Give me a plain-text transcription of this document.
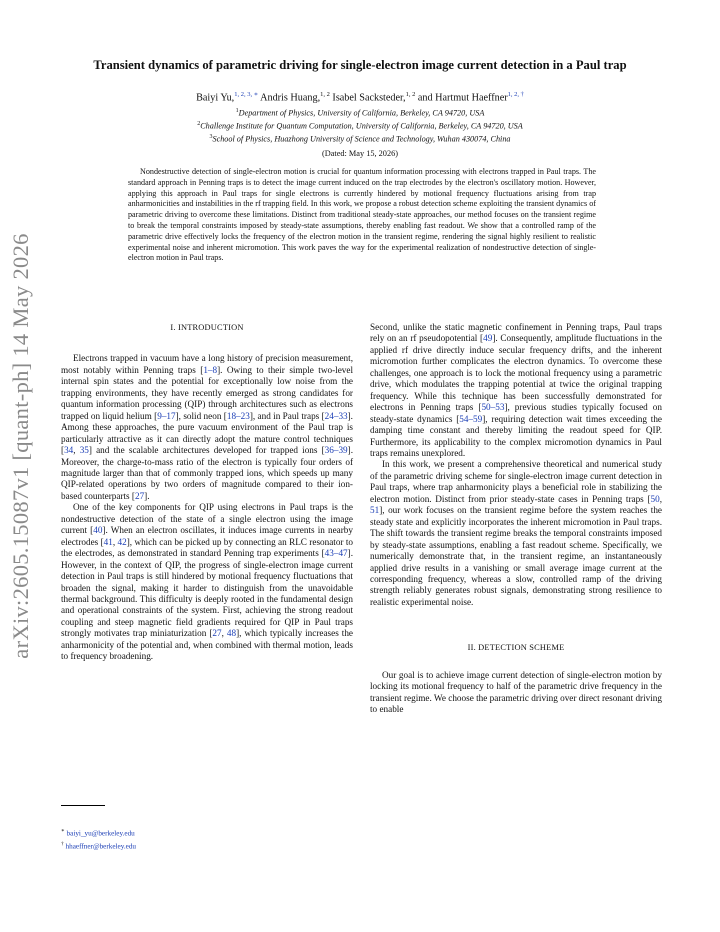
arXiv:2605.15087v1 [quant-ph] 14 May 2026
Transient dynamics of parametric driving for single-electron image current detection in a Paul trap
Baiyi Yu,$^{1, 2, 3, ∗}$ Andris Huang,$^{1, 2}$ Isabel Sacksteder,$^{1, 2}$ and Hartmut Haeffner$^{1, 2, \dagger}$
$^1$Department of Physics, University of California, Berkeley, CA 94720, USA
$^2$Challenge Institute for Quantum Computation, University of California, Berkeley, CA 94720, USA
$^3$School of Physics, Huazhong University of Science and Technology, Wuhan 430074, China
(Dated: May 15, 2026)
Nondestructive detection of single-electron motion is crucial for quantum information processing with electrons trapped in Paul traps. The standard approach in Penning traps is to detect the image current induced on the trap electrodes by the electron's oscillatory motion. However, applying this approach in Paul traps for single electrons is currently hindered by motional frequency fluctuations arising from trap anharmonicities and instabilities in the rf trapping field. In this work, we propose a robust detection scheme exploiting the transient dynamics of parametric driving to overcome these limitations. Distinct from traditional steady-state approaches, our method focuses on the transient regime to break the temporal constraints imposed by steady-state assumptions, thereby enabling fast readout. We show that a controlled ramp of the parametric drive effectively locks the frequency of the electron motion in the transient regime, rendering the signal highly resilient to realistic experimental noise and inherent micromotion. This work paves the way for the experimental realization of nondestructive detection of single-electron motion in Paul traps.
I. INTRODUCTION

Electrons trapped in vacuum have a long history of precision measurement, most notably within Penning traps [1–8]. Owing to their simple two-level internal spin states and the potential for exceptionally low noise from the trapping environments, they have recently emerged as strong candidates for quantum information processing (QIP) through architectures such as electrons trapped on liquid helium [9–17], solid neon [18–23], and in Paul traps [24–33]. Among these approaches, the pure vacuum environment of the Paul trap is particularly attractive as it can directly adopt the mature control techniques [34, 35] and the scalable architectures developed for trapped ions [36–39]. Moreover, the charge-to-mass ratio of the electron is typically four orders of magnitude larger than that of commonly trapped ions, which speeds up many QIP-related operations by two orders of magnitude compared to their ion-based counterparts [27].

One of the key components for QIP using electrons in Paul traps is the nondestructive detection of the state of a single electron using the image current [40]. When an electron oscillates, it induces image currents in nearby electrodes [41, 42], which can be picked up by connecting an RLC resonator to the electrodes, as demonstrated in standard Penning trap experiments [43–47]. However, in the context of QIP, the progress of single-electron image current detection in Paul traps is still hindered by motional frequency fluctuations that broaden the signal, making it harder to distinguish from the unavoidable thermal background. This difficulty is deeply rooted in the fundamental design and operational constraints of the system. First, achieving the strong readout coupling and steep magnetic field gradients required for QIP in Paul traps strongly motivates trap miniaturization [27, 48], which typically increases the anharmonicity of the potential and, when combined with thermal motion, leads to frequency broadening.

Second, unlike the static magnetic confinement in Penning traps, Paul traps rely on an rf pseudopotential [49]. Consequently, amplitude fluctuations in the applied rf drive directly induce secular frequency drifts, and the inherent micromotion further complicates the electron dynamics. To overcome these challenges, one approach is to lock the motional frequency using a parametric drive, which modulates the trapping potential at twice the original trapping frequency. While this technique has been successfully demonstrated for electrons in Penning traps [50–53], previous studies typically focused on steady-state dynamics [54–59], requiring detection wait times exceeding the damping time constant and thereby limiting the readout speed for QIP. Furthermore, its applicability to the complex micromotion dynamics in Paul traps remains unexplored.

In this work, we present a comprehensive theoretical and numerical study of the parametric driving scheme for single-electron image current detection in Paul traps, where trap anharmonicity plays a beneficial role in stabilizing the electron motion. Distinct from prior steady-state cases in Penning traps [50, 51], our work focuses on the transient regime before the system reaches the steady state and explicitly incorporates the inherent micromotion in Paul traps. The shift towards the transient regime breaks the temporal constraints imposed by steady-state assumptions, enabling a fast readout scheme. Specifically, we numerically demonstrate that, in the transient regime, an instantaneously applied drive results in a vanishing or small average image current at the corresponding frequency, whereas a slow, controlled ramp of the driving strength reliably generates robust signals, demonstrating strong resilience to realistic experimental noise.

II. DETECTION SCHEME

Our goal is to achieve image current detection of single-electron motion by locking its motional frequency to half of the parametric drive frequency in the transient regime. We choose the parametric driving over direct resonant driving to enable

∗ baiyi_yu@berkeley.edu
† hhaeffner@berkeley.edu
